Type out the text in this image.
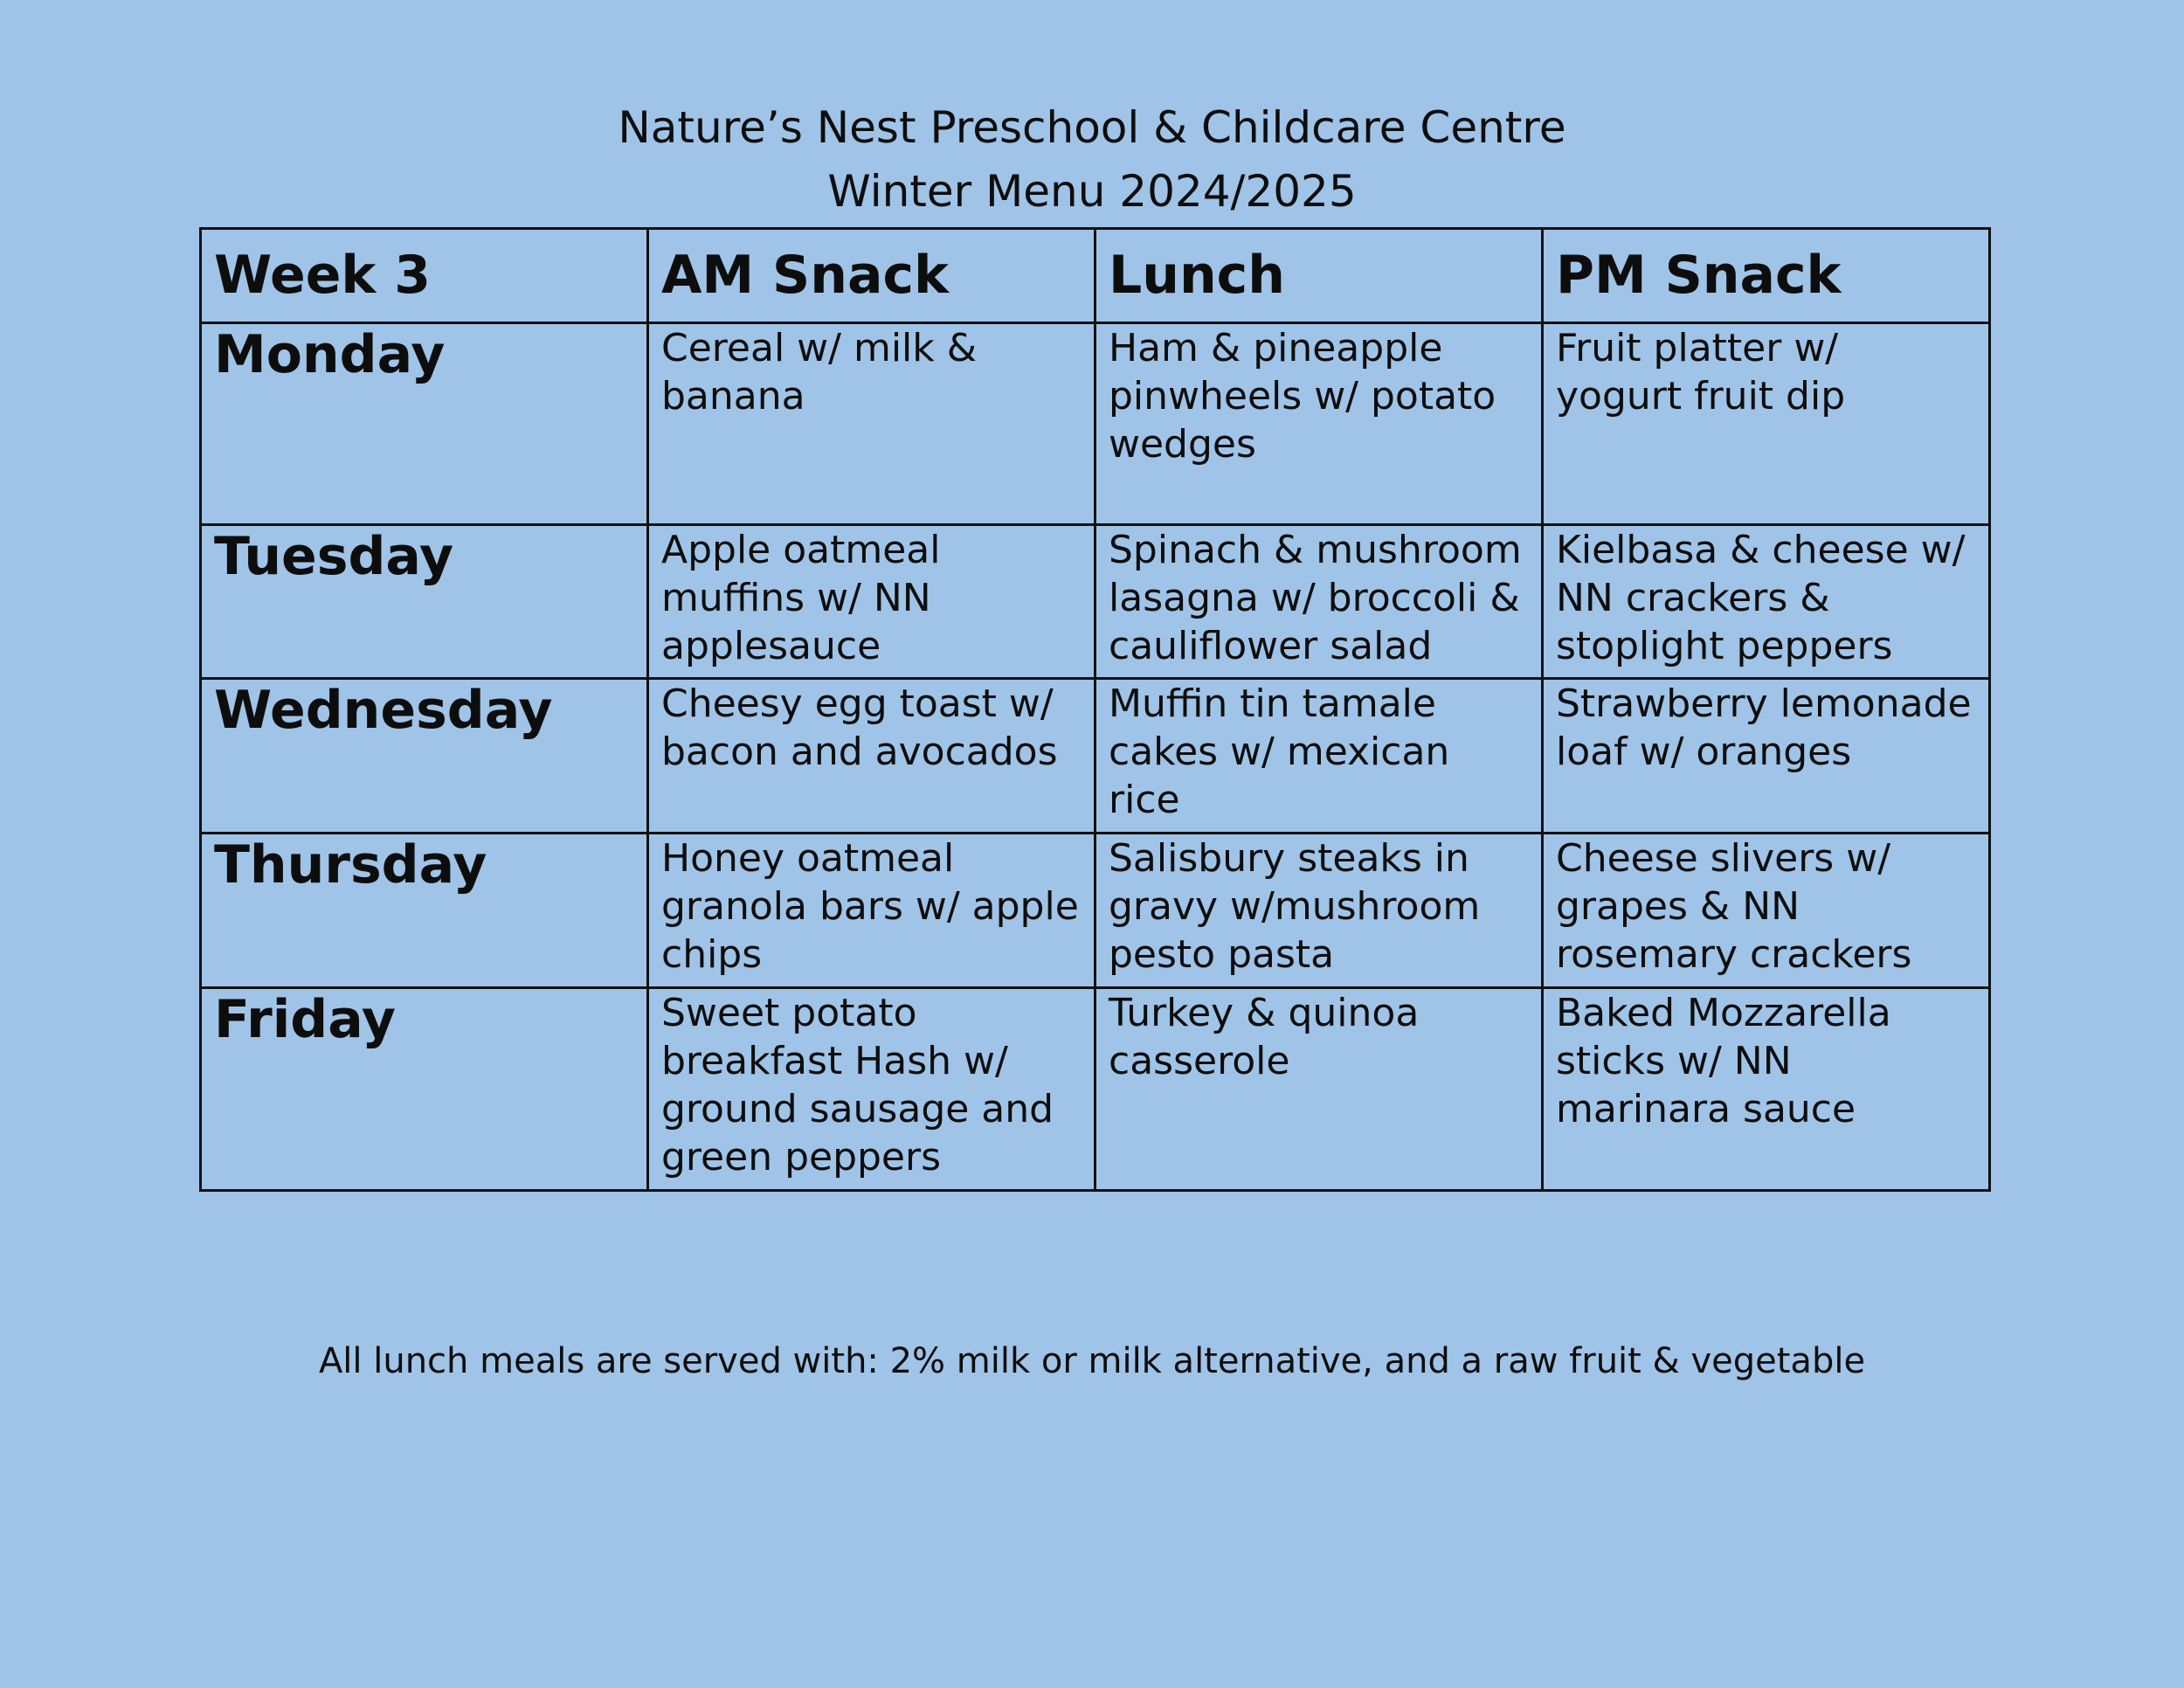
Nature’s Nest Preschool & Childcare Centre
Winter Menu 2024/2025
Week 3	AM Snack	Lunch	PM Snack
Monday	Cereal w/ milk & banana	Ham & pineapple pinwheels w/ potato wedges	Fruit platter w/ yogurt fruit dip
Tuesday	Apple oatmeal muffins w/ NN applesauce	Spinach & mushroom lasagna w/ broccoli & cauliflower salad	Kielbasa & cheese w/ NN crackers & stoplight peppers
Wednesday	Cheesy egg toast w/ bacon and avocados	Muffin tin tamale cakes w/ mexican rice	Strawberry lemonade loaf w/ oranges
Thursday	Honey oatmeal granola bars w/ apple chips	Salisbury steaks in gravy w/mushroom pesto pasta	Cheese slivers w/ grapes & NN rosemary crackers
Friday	Sweet potato breakfast Hash w/ ground sausage and green peppers	Turkey & quinoa casserole	Baked Mozzarella sticks w/ NN marinara sauce
All lunch meals are served with: 2% milk or milk alternative, and a raw fruit & vegetable
